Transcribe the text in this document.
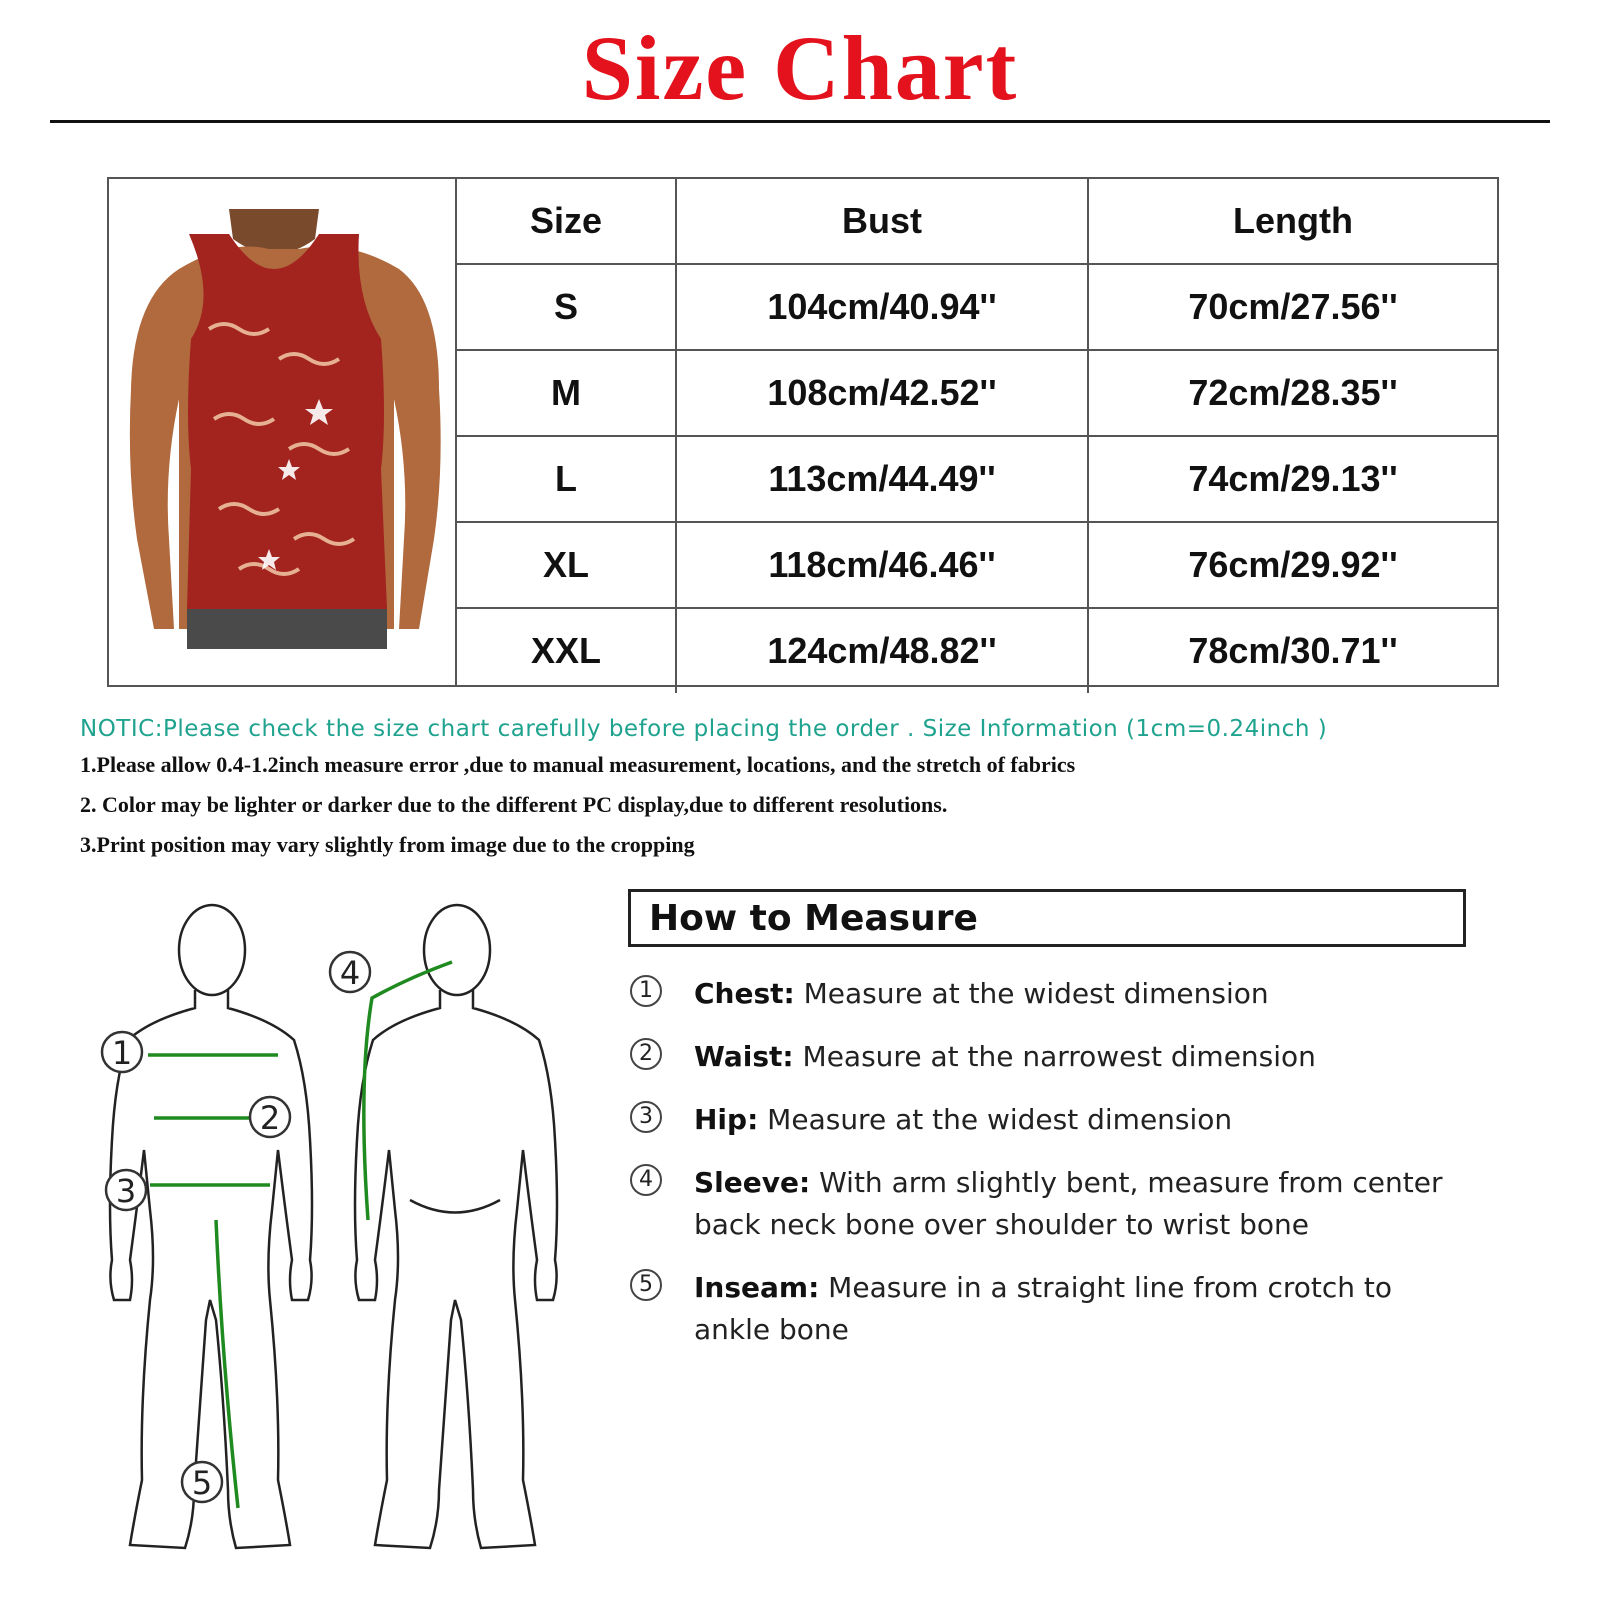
Size Chart
Size	Bust	Length
S	104cm/40.94''	70cm/27.56''
M	108cm/42.52''	72cm/28.35''
L	113cm/44.49''	74cm/29.13''
XL	118cm/46.46''	76cm/29.92''
XXL	124cm/48.82''	78cm/30.71''
NOTIC:Please check the size chart carefully before placing the order . Size Information (1cm=0.24inch )
1.Please allow 0.4-1.2inch measure error ,due to manual measurement, locations, and the stretch of fabrics
2. Color may be lighter or darker due to the different PC display,due to different resolutions.
3.Print position may vary slightly from image due to the cropping
1
2
3
4
5
How to Measure
1	Chest: Measure at the widest dimension
2	Waist: Measure at the narrowest dimension
3	Hip: Measure at the widest dimension
4	Sleeve: With arm slightly bent, measure from center back neck bone over shoulder to wrist bone
5	Inseam: Measure in a straight line from crotch to ankle bone
